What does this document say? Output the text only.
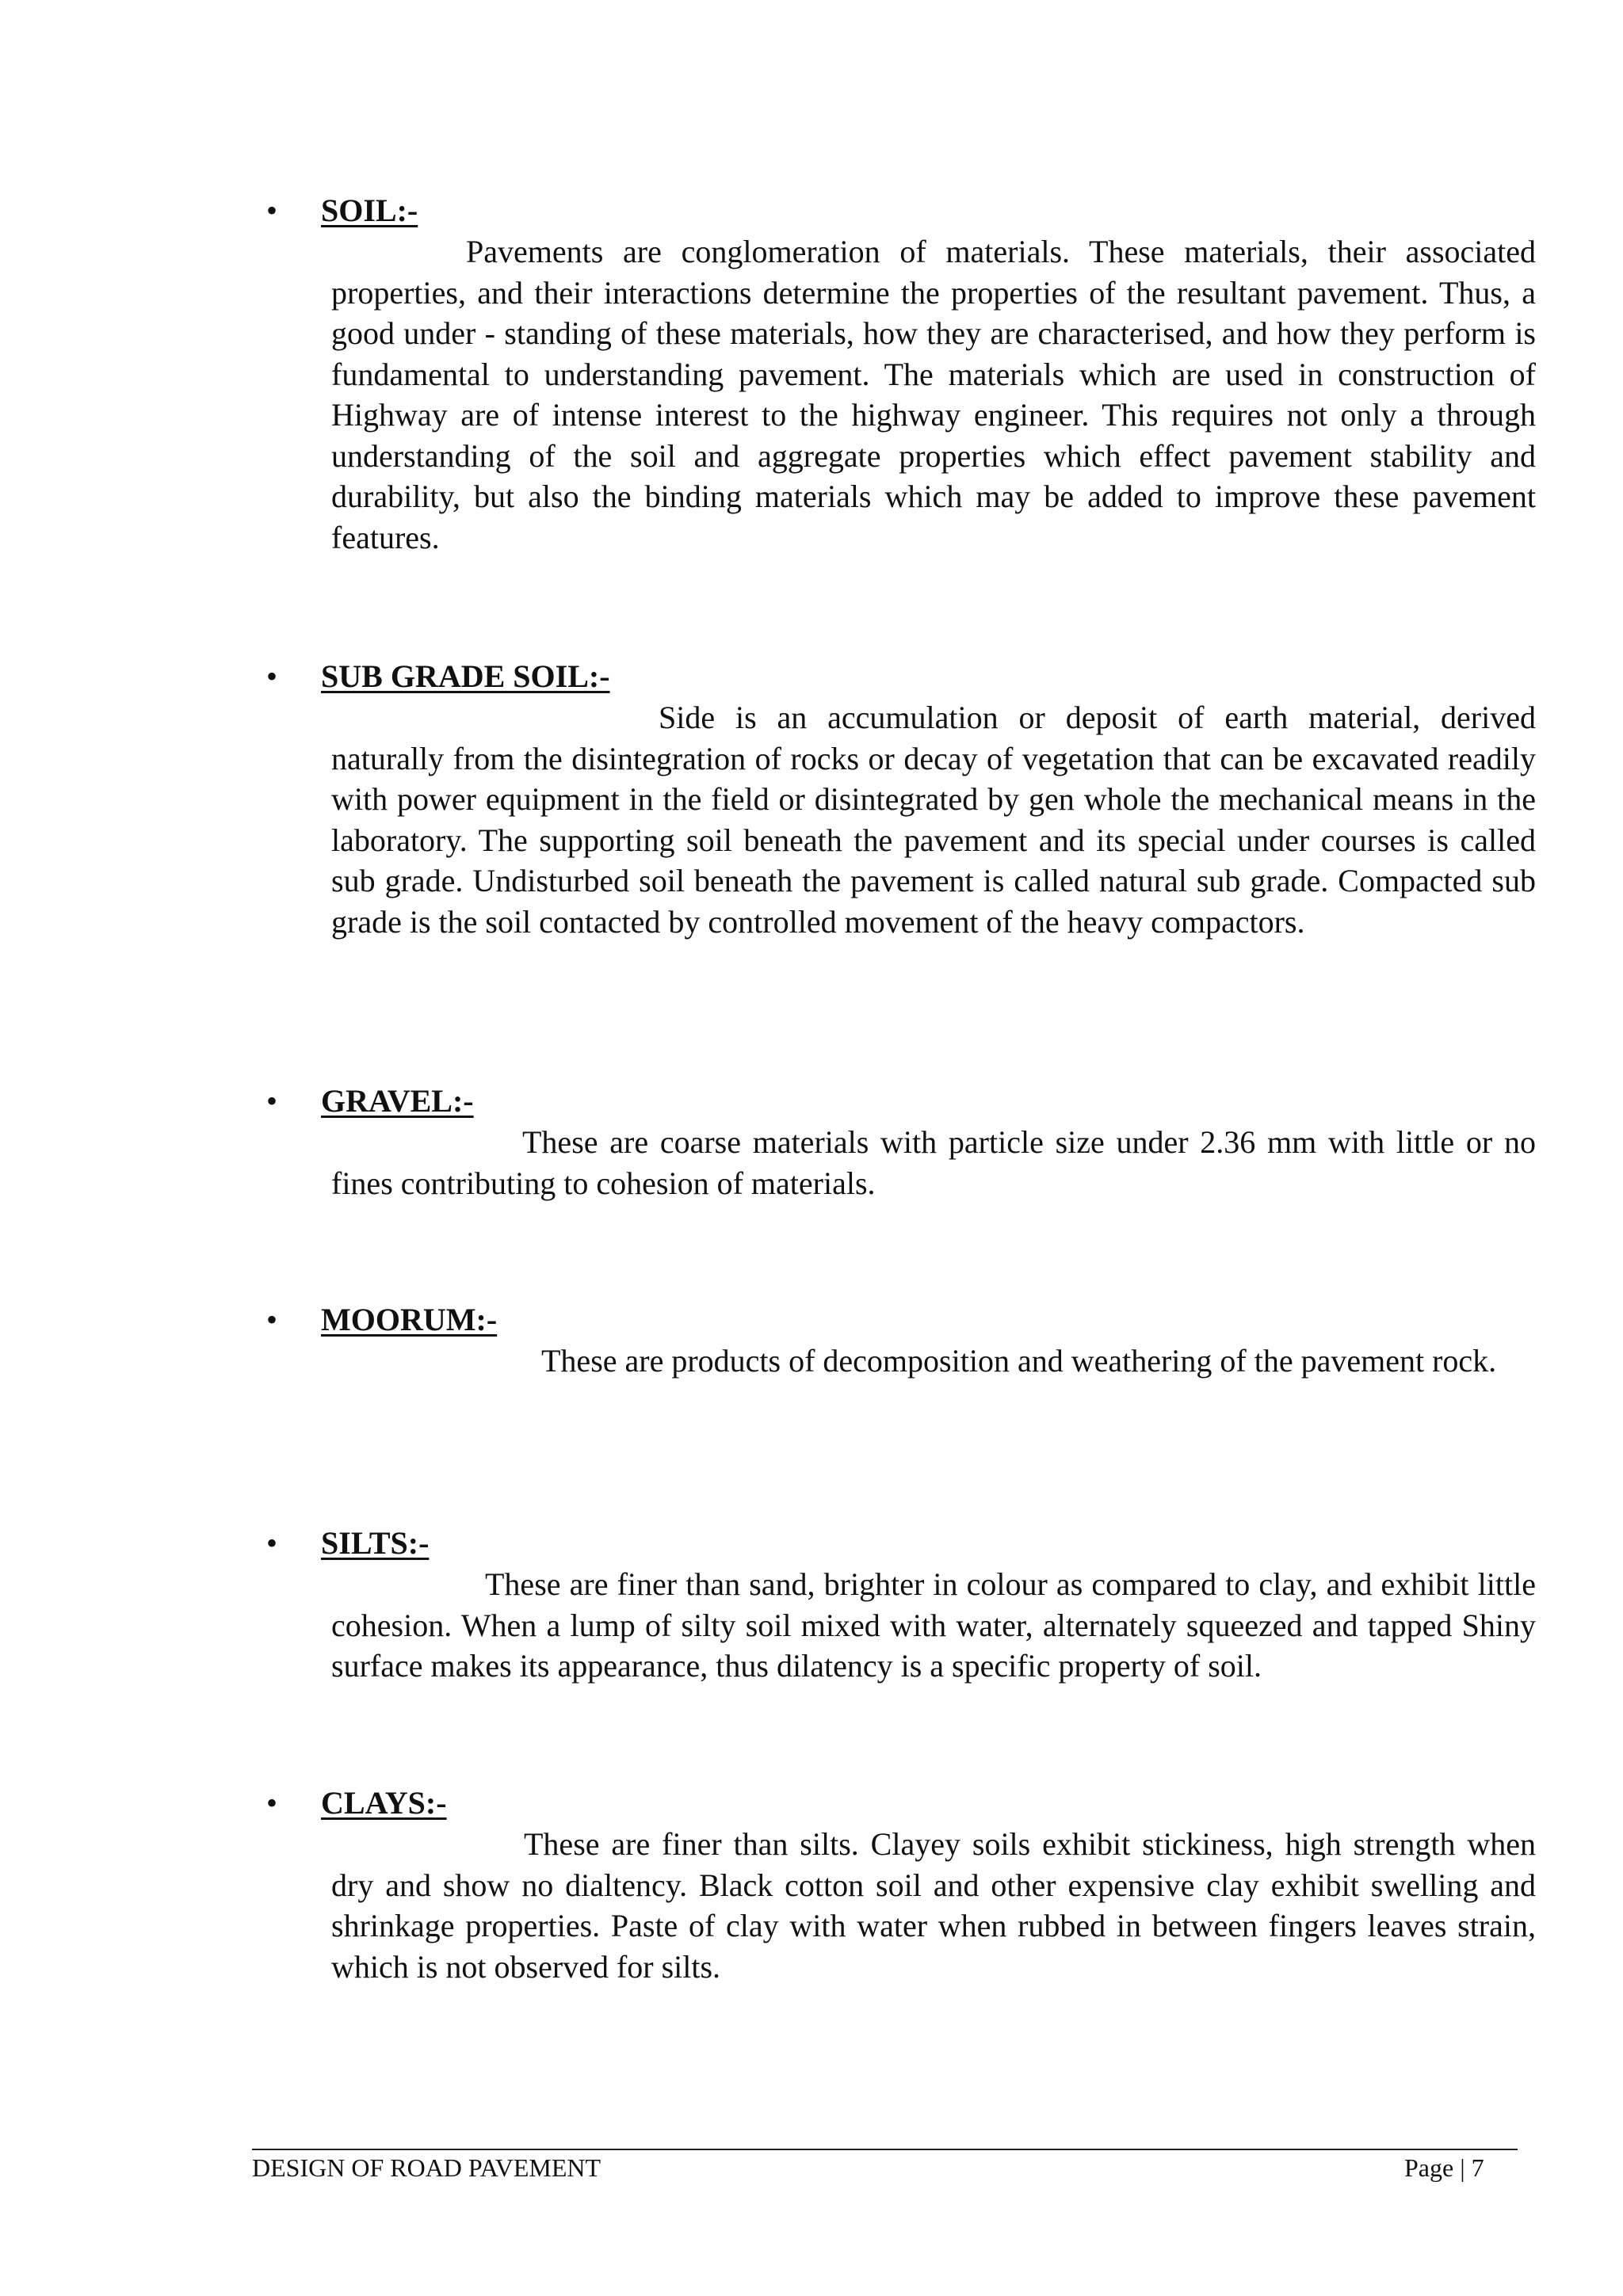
• SOIL:-

Pavements are conglomeration of materials. These materials, their associated properties, and their interactions determine the properties of the resultant pavement. Thus, a good under - standing of these materials, how they are characterised, and how they perform is fundamental to understanding pavement. The materials which are used in construction of Highway are of intense interest to the highway engineer. This requires not only a through understanding of the soil and aggregate properties which effect pavement stability and durability, but also the binding materials which may be added to improve these pavement features.

• SUB GRADE SOIL:-

Side is an accumulation or deposit of earth material, derived naturally from the disintegration of rocks or decay of vegetation that can be excavated readily with power equipment in the field or disintegrated by gen whole the mechanical means in the laboratory. The supporting soil beneath the pavement and its special under courses is called sub grade. Undisturbed soil beneath the pavement is called natural sub grade. Compacted sub grade is the soil contacted by controlled movement of the heavy compactors.

• GRAVEL:-

These are coarse materials with particle size under 2.36 mm with little or no fines contributing to cohesion of materials.

• MOORUM:-

These are products of decomposition and weathering of the pavement rock.

• SILTS:-

These are finer than sand, brighter in colour as compared to clay, and exhibit little cohesion. When a lump of silty soil mixed with water, alternately squeezed and tapped Shiny surface makes its appearance, thus dilatency is a specific property of soil.

• CLAYS:-

These are finer than silts. Clayey soils exhibit stickiness, high strength when dry and show no dialtency. Black cotton soil and other expensive clay exhibit swelling and shrinkage properties. Paste of clay with water when rubbed in between fingers leaves strain, which is not observed for silts.

DESIGN OF ROAD PAVEMENT	Page | 7
